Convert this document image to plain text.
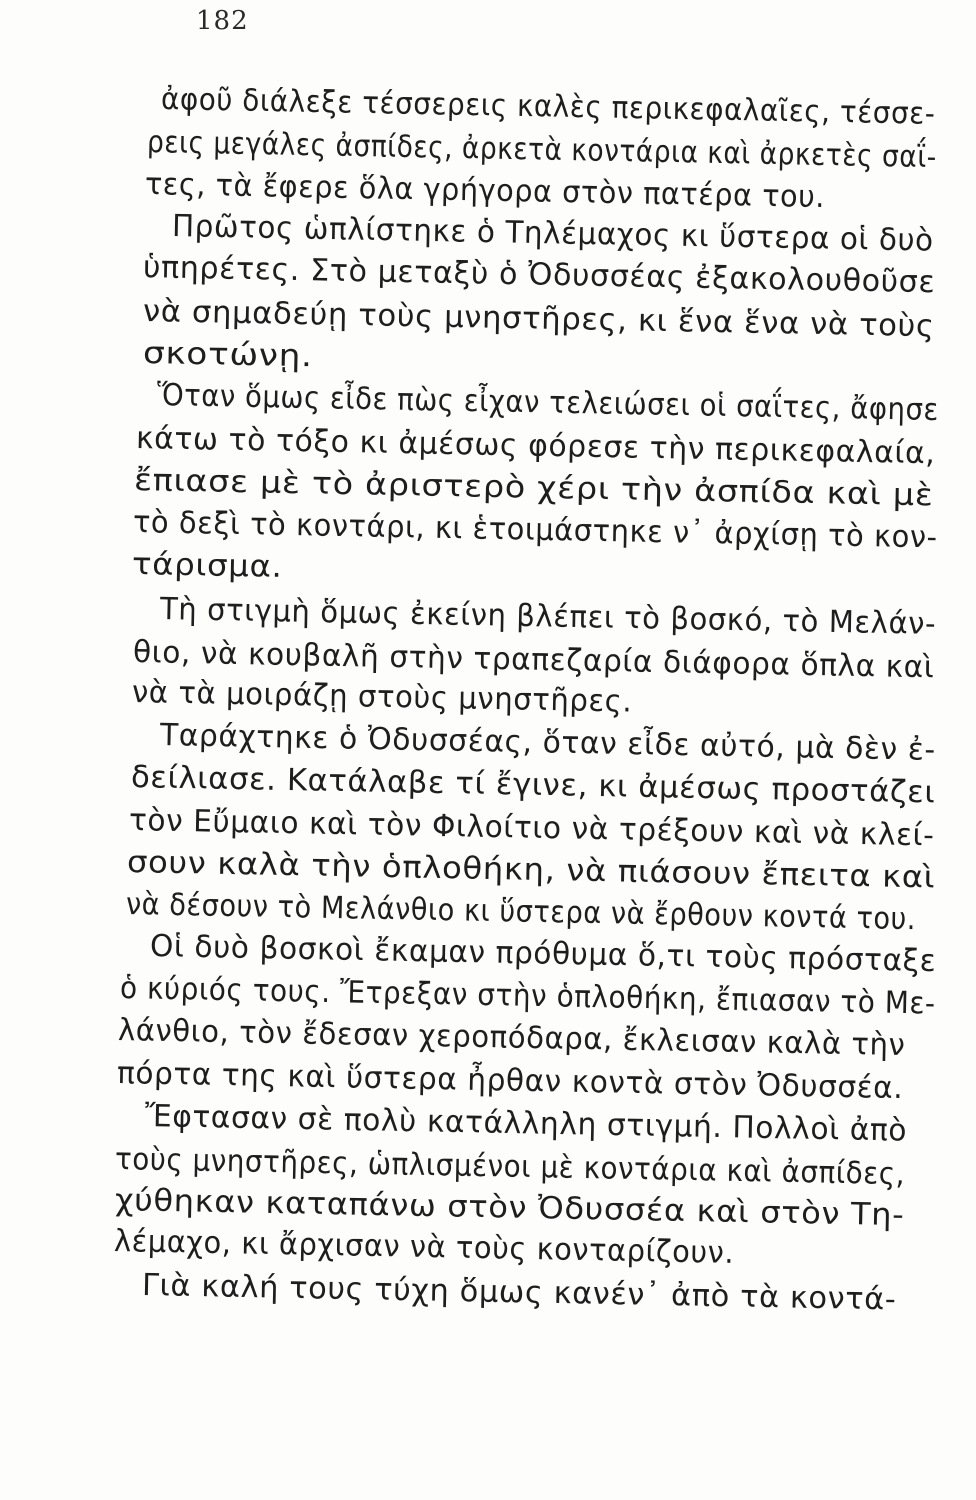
182
ἀφοῦ διάλεξε τέσσερεις καλὲς περικεφαλαῖες, τέσσε-
ρεις μεγάλες ἀσπίδες, ἀρκετὰ κοντάρια καὶ ἀρκετὲς σαΐ-
τες, τὰ ἔφερε ὅλα γρήγορα στὸν πατέρα του.
Πρῶτος ὡπλίστηκε ὁ Τηλέμαχος κι ὕστερα οἱ δυὸ
ὑπηρέτες. Στὸ μεταξὺ ὁ Ὀδυσσέας ἐξακολουθοῦσε
νὰ σημαδεύῃ τοὺς μνηστῆρες, κι ἕνα ἕνα νὰ τοὺς
σκοτώνῃ.
Ὅταν ὅμως εἶδε πὼς εἶχαν τελειώσει οἱ σαΐτες, ἄφησε
κάτω τὸ τόξο κι ἀμέσως φόρεσε τὴν περικεφαλαία,
ἔπιασε μὲ τὸ ἀριστερὸ χέρι τὴν ἀσπίδα καὶ μὲ
τὸ δεξὶ τὸ κοντάρι, κι ἑτοιμάστηκε ν᾿ ἀρχίσῃ τὸ κον-
τάρισμα.
Τὴ στιγμὴ ὅμως ἐκείνη βλέπει τὸ βοσκό, τὸ Μελάν-
θιο, νὰ κουβαλῆ στὴν τραπεζαρία διάφορα ὅπλα καὶ
νὰ τὰ μοιράζῃ στοὺς μνηστῆρες.
Ταράχτηκε ὁ Ὀδυσσέας, ὅταν εἶδε αὐτό, μὰ δὲν ἐ-
δείλιασε. Κατάλαβε τί ἔγινε, κι ἀμέσως προστάζει
τὸν Εὔμαιο καὶ τὸν Φιλοίτιο νὰ τρέξουν καὶ νὰ κλεί-
σουν καλὰ τὴν ὁπλοθήκη, νὰ πιάσουν ἔπειτα καὶ
νὰ δέσουν τὸ Μελάνθιο κι ὕστερα νὰ ἔρθουν κοντά του.
Οἱ δυὸ βοσκοὶ ἔκαμαν πρόθυμα ὅ,τι τοὺς πρόσταξε
ὁ κύριός τους. Ἔτρεξαν στὴν ὁπλοθήκη, ἔπιασαν τὸ Με-
λάνθιο, τὸν ἔδεσαν χεροπόδαρα, ἔκλεισαν καλὰ τὴν
πόρτα της καὶ ὕστερα ἦρθαν κοντὰ στὸν Ὀδυσσέα.
Ἔφτασαν σὲ πολὺ κατάλληλη στιγμή. Πολλοὶ ἀπὸ
τοὺς μνηστῆρες, ὡπλισμένοι μὲ κοντάρια καὶ ἀσπίδες,
χύθηκαν καταπάνω στὸν Ὀδυσσέα καὶ στὸν Τη-
λέμαχο, κι ἄρχισαν νὰ τοὺς κονταρίζουν.
Γιὰ καλή τους τύχη ὅμως κανέν᾿ ἀπὸ τὰ κοντά-
